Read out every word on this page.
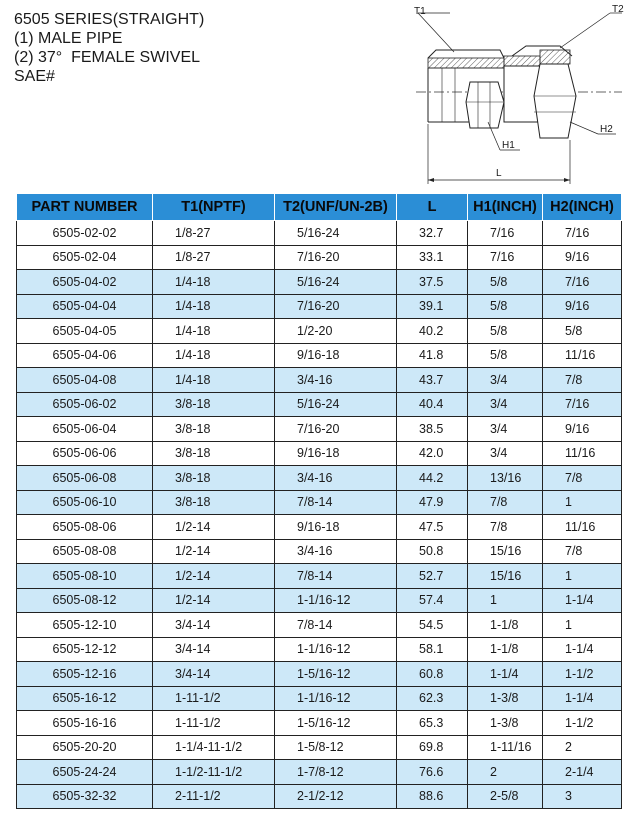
6505 SERIES(STRAIGHT)
(1) MALE PIPE
(2) 37°  FEMALE SWIVEL
SAE#
T1	T2
H1
H2
L
PART NUMBER	T1(NPTF)	T2(UNF/UN-2B)	L	H1(INCH)	H2(INCH)
6505-02-02	1/8-27	5/16-24	32.7	7/16	7/16
6505-02-04	1/8-27	7/16-20	33.1	7/16	9/16
6505-04-02	1/4-18	5/16-24	37.5	5/8	7/16
6505-04-04	1/4-18	7/16-20	39.1	5/8	9/16
6505-04-05	1/4-18	1/2-20	40.2	5/8	5/8
6505-04-06	1/4-18	9/16-18	41.8	5/8	11/16
6505-04-08	1/4-18	3/4-16	43.7	3/4	7/8
6505-06-02	3/8-18	5/16-24	40.4	3/4	7/16
6505-06-04	3/8-18	7/16-20	38.5	3/4	9/16
6505-06-06	3/8-18	9/16-18	42.0	3/4	11/16
6505-06-08	3/8-18	3/4-16	44.2	13/16	7/8
6505-06-10	3/8-18	7/8-14	47.9	7/8	1
6505-08-06	1/2-14	9/16-18	47.5	7/8	11/16
6505-08-08	1/2-14	3/4-16	50.8	15/16	7/8
6505-08-10	1/2-14	7/8-14	52.7	15/16	1
6505-08-12	1/2-14	1-1/16-12	57.4	1	1-1/4
6505-12-10	3/4-14	7/8-14	54.5	1-1/8	1
6505-12-12	3/4-14	1-1/16-12	58.1	1-1/8	1-1/4
6505-12-16	3/4-14	1-5/16-12	60.8	1-1/4	1-1/2
6505-16-12	1-11-1/2	1-1/16-12	62.3	1-3/8	1-1/4
6505-16-16	1-11-1/2	1-5/16-12	65.3	1-3/8	1-1/2
6505-20-20	1-1/4-11-1/2	1-5/8-12	69.8	1-11/16	2
6505-24-24	1-1/2-11-1/2	1-7/8-12	76.6	2	2-1/4
6505-32-32	2-11-1/2	2-1/2-12	88.6	2-5/8	3
